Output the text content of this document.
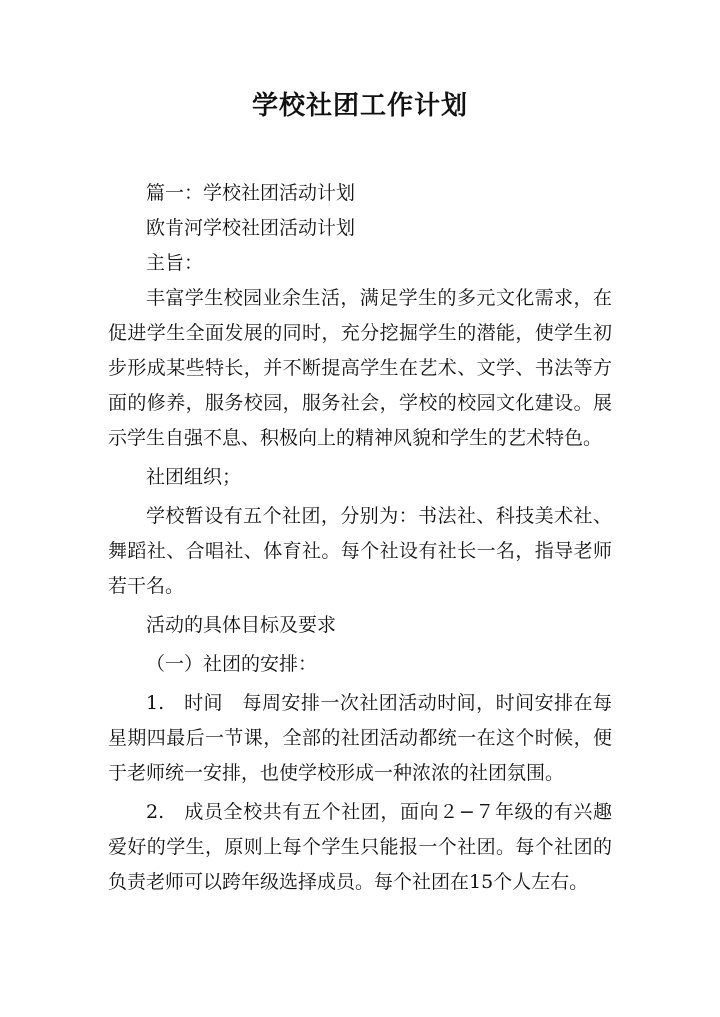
学校社团工作计划

篇一：学校社团活动计划

欧肯河学校社团活动计划

主旨：

丰富学生校园业余生活，满足学生的多元文化需求，在促进学生全面发展的同时，充分挖掘学生的潜能，使学生初步形成某些特长，并不断提高学生在艺术、文学、书法等方面的修养，服务校园，服务社会，学校的校园文化建设。展示学生自强不息、积极向上的精神风貌和学生的艺术特色。

社团组织；

学校暂设有五个社团，分别为：书法社、科技美术社、舞蹈社、合唱社、体育社。每个社设有社长一名，指导老师若干名。

活动的具体目标及要求

（一）社团的安排：

1.　时间　每周安排一次社团活动时间，时间安排在每星期四最后一节课，全部的社团活动都统一在这个时候，便于老师统一安排，也使学校形成一种浓浓的社团氛围。

2.　成员全校共有五个社团，面向２−７年级的有兴趣爱好的学生，原则上每个学生只能报一个社团。每个社团的负责老师可以跨年级选择成员。每个社团在15个人左右。
